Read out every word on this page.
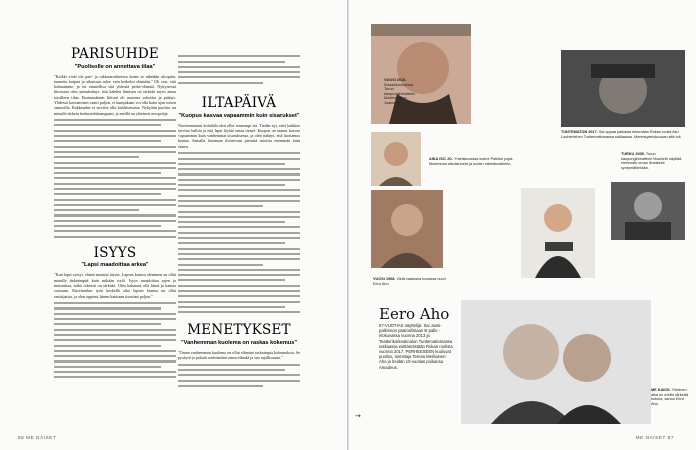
PARISUHDE
"Puolisolle on annettava tilaa"

"Kaikki eivät ole pari- ja rakkaussuhteessa kuten se nähdään ulospäin, tunnettu kaipuu ja aikuisuus tulee vain hetkeksi elämään." Oli vesi, että kohtaamme, ja on ommellisa sitä yhteistä perhe-elämää. Nykyisessä liitossani olen ymmärtänyt, että kahden ihmisen on tärkeää myös antaa toisilleen tilaa. Ensimmäinen liittoni oli nuorena solmittu ja päättyi. Yhdessä kasvaminen vaatii paljon, ei kumpikaan voi olla koko ajan toisen saatavilla. Rakkauden ei tarvitse olla kahlitsemista. Nykyään puoliso on minulle tärkein keskustelukumppani, ja meillä on yhteinen arvopohja.

ISYYS
"Lapsi maadoittaa arkea"

"Kun lapsi syntyi, elämä muuttui täysin. Lapsen kanssa oleminen on ollut minulle tärkeämpää kuin mikään rooli. Isyys maadoittaa arjen ja muistuttaa, mikä oikeasti on tärkeää. Olen halunnut olla läsnä ja kantaa vastuuni. Kiireisenkin työn keskellä aika lapsen kanssa on ollut ensisijaista, ja olen oppinut hänen kauttaan itsestäni paljon."

ILTAPÄIVÄ
"Kuopus kasvaa vapaammin kuin sisarukset"

Nuorimmaisen kohdalla olen ollut rennompi isä. Tiedän nyt, ettei kaikkea tarvitse hallita ja että lapsi löytää oman tiensä. Kuopus on saanut kasvaa vapaammin kuin vanhemmat sisaruksensa, ja olen nähnyt, että luottamus kantaa. Samalla huomaan iloitsevani pienistä asioista enemmän kuin ennen.

MENETYKSET
"Vanhemman kuolema on raskas kokemus"

"Oman vanhemman kuolema on ollut elämäni raskaimpia kokemuksia. Se pysäytti ja pakotti miettimään omaa elämää ja sen rajallisuutta."

88 ME NAISET
VUOSI 2016. Klassikkoroolissa Turun kaupunginteatterin Molièren Don Juanissa.
TUNTEMATON 2017. Sai oppaa paikasta tekemään Rokan roolia Aku Louhimiehen Tuntemattomassa sotilaassa. Menestyselokuvaan sitä tuli.
AIKA ISO JO. Yhteiskuvassa kolme Palkitut pojat. Molemmat aikuistuneet ja uuden elämänvaiheen.
TURKU 2005. Turun kaupunginteatterin Macbeth näyttää nimiroolin oman ilmeisesti syntymätöntään.
VUOSI 1968. Vielä vaaleana kuvassa nuori Eero Aho.
Eero Aho
57-VUOTIAS näyttelijä. Sai Jussi-palkinnon pääroolistaan B-pallo -elokuvassa vuonna 2013 ja Teatterikorkeakoulun Tuntemattomassa sotilaassa esittämästään Rokan roolista vuonna 2017. PERHEESEEN kuuluvat puoliso, toimittaja Teresa Merilainen-Aho ja heidän 10-vuotias poikansa Amadeus.
ME KAKSI. Yhteinen aika on meille tärkeää kotona, sanoo Eero Aho.
→
ME NAISET 87
